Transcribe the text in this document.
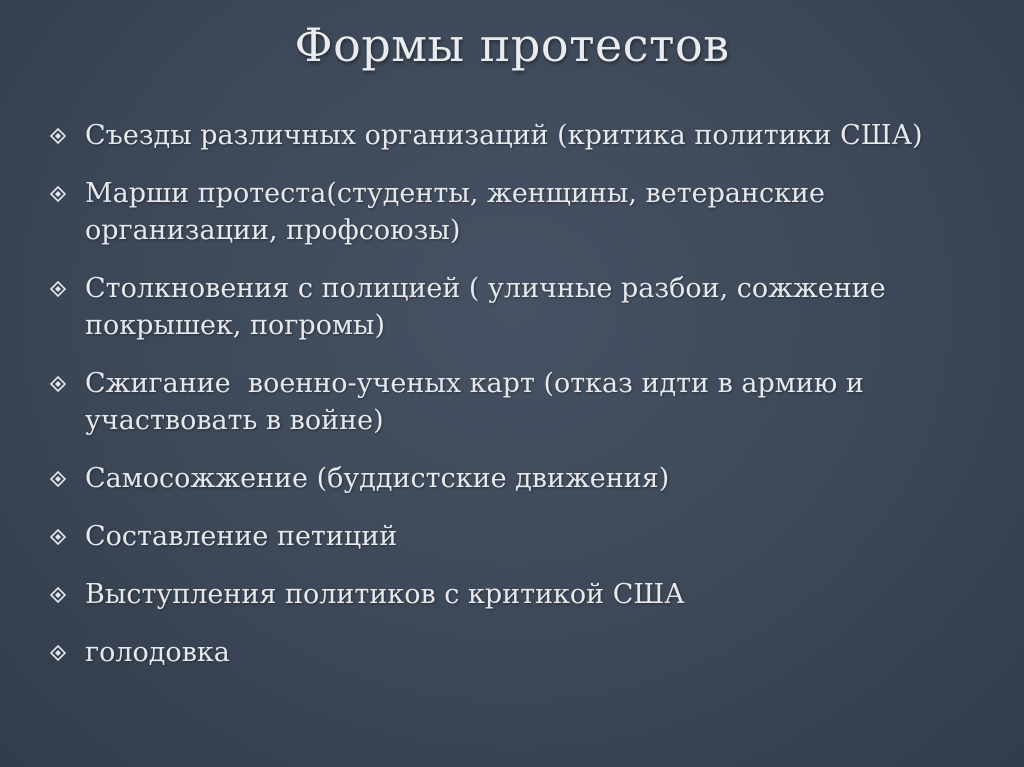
Формы протестов
Съезды различных организаций (критика политики США)
Марши протеста(студенты, женщины, ветеранские организации, профсоюзы)
Столкновения с полицией ( уличные разбои, сожжение покрышек, погромы)
Сжигание  военно-ученых карт (отказ идти в армию и участвовать в войне)
Самосожжение (буддистские движения)
Составление петиций
Выступления политиков с критикой США
голодовка
